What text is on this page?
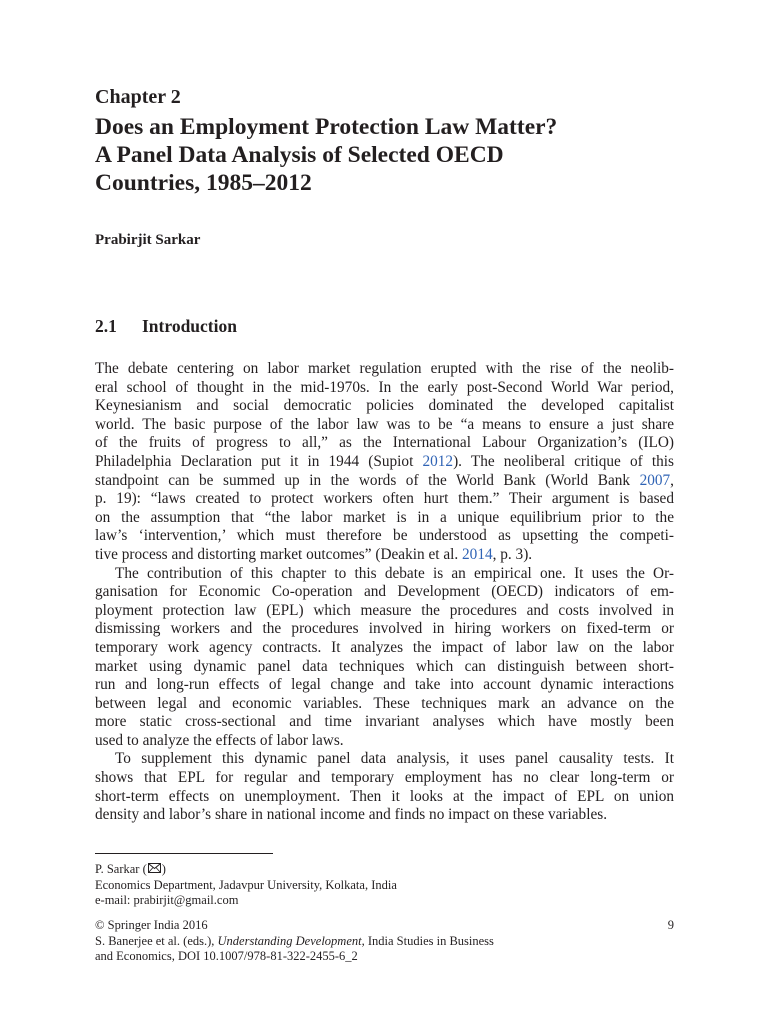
Chapter 2
Does an Employment Protection Law Matter?
A Panel Data Analysis of Selected OECD
Countries, 1985–2012
Prabirjit Sarkar
2.1 Introduction
The debate centering on labor market regulation erupted with the rise of the neolib-
eral school of thought in the mid-1970s. In the early post-Second World War period,
Keynesianism and social democratic policies dominated the developed capitalist
world. The basic purpose of the labor law was to be “a means to ensure a just share
of the fruits of progress to all,” as the International Labour Organization’s (ILO)
Philadelphia Declaration put it in 1944 (Supiot 2012). The neoliberal critique of this
standpoint can be summed up in the words of the World Bank (World Bank 2007,
p. 19): “laws created to protect workers often hurt them.” Their argument is based
on the assumption that “the labor market is in a unique equilibrium prior to the
law’s ‘intervention,’ which must therefore be understood as upsetting the competi-
tive process and distorting market outcomes” (Deakin et al. 2014, p. 3).
The contribution of this chapter to this debate is an empirical one. It uses the Or-
ganisation for Economic Co-operation and Development (OECD) indicators of em-
ployment protection law (EPL) which measure the procedures and costs involved in
dismissing workers and the procedures involved in hiring workers on fixed-term or
temporary work agency contracts. It analyzes the impact of labor law on the labor
market using dynamic panel data techniques which can distinguish between short-
run and long-run effects of legal change and take into account dynamic interactions
between legal and economic variables. These techniques mark an advance on the
more static cross-sectional and time invariant analyses which have mostly been
used to analyze the effects of labor laws.
To supplement this dynamic panel data analysis, it uses panel causality tests. It
shows that EPL for regular and temporary employment has no clear long-term or
short-term effects on unemployment. Then it looks at the impact of EPL on union
density and labor’s share in national income and finds no impact on these variables.
P. Sarkar ( )
Economics Department, Jadavpur University, Kolkata, India
e-mail: prabirjit@gmail.com
© Springer India 2016	9
S. Banerjee et al. (eds.), Understanding Development, India Studies in Business
and Economics, DOI 10.1007/978-81-322-2455-6_2
